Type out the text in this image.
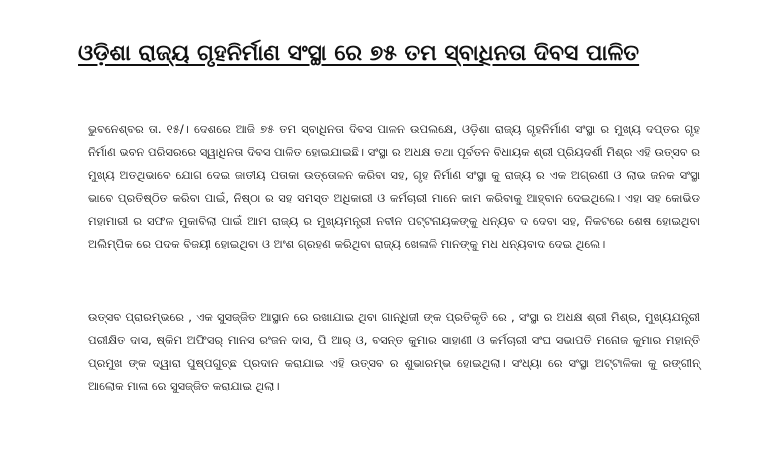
ଓଡ଼ିଶା ରାଜ୍ୟ ଗୃହନିର୍ମାଣ ସଂସ୍ଥା ରେ ୭୫ ତମ ସ୍ବାଧିନତା ଦିବସ ପାଳିତ

ଭୁବନେଶ୍ବର ତା. ୧୫/। ଦେଶରେ ଆଜି ୭୫ ତମ ସ୍ବାଧିନତା ଦିବସ ପାଳନ ଉପଲକ୍ଷେ, ଓଡ଼ିଶା ରାଜ୍ୟ ଗୃହନିର୍ମାଣ ସଂସ୍ଥା ର ମୁଖ୍ୟ ଦପ୍ତର ଗୃହ ନିର୍ମାଣ ଭବନ ପରିସରରେ ସ୍ୱାଧିନତା ଦିବସ ପାଳିତ ହୋଇଯାଇଛି। ସଂସ୍ଥା ର ଅଧକ୍ଷ ତଥା ପୂର୍ବତନ ବିଧାୟକ ଶ୍ରୀ ପ୍ରିୟଦର୍ଶୀ ମିଶ୍ର ଏହି ଉତ୍ସବ ର ମୁଖ୍ୟ ଅତଥିଭାବେ ଯୋଗ ଦେଇ ଜାତୀୟ ପତାକା ଉତ୍ତୋଳନ କରିବା ସହ, ଗୃହ ନିର୍ମାଣ ସଂସ୍ଥା କୁ ରାଜ୍ୟ ର ଏକ ଅଗ୍ରଣୀ ଓ ଲାଭ ଜନକ ସଂସ୍ଥା ଭାବେ ପ୍ରତିଷ୍ଠିତ କରିବା ପାଇଁ, ନିଷ୍ଠା ର ସହ ସମସ୍ତ ଅଧିକାରୀ ଓ କର୍ମଚାରୀ ମାନେ କାମ କରିବାକୁ ଆହ୍ବାନ ଦେଇଥିଲେ। ଏହା ସହ କୋଭିଡ ମହାମାରୀ ର ସଫଳ ମୁକାବିଲା ପାଇଁ ଆମ ରାଜ୍ୟ ର ମୁଖ୍ୟମନ୍ତ୍ରୀ ନବୀନ ପଟ୍ଟନାୟକଙ୍କୁ ଧନ୍ୟବ ଦ ଦେବା ସହ, ନିକଟରେ ଶେଷ ହୋଇଥିବା ଅଲିମ୍ପିକ ରେ ପଦକ ବିଜୟୀ ହୋଇଥିବା ଓ ଅଂଶ ଗ୍ରହଣ କରିଥିବା ରାଜ୍ୟ ଖେଳାଳି ମାନଙ୍କୁ ମଧ ଧନ୍ୟବାଦ ଦେଇ ଥିଲେ।

ଉତ୍ସବ ପ୍ରାରମ୍ଭରେ , ଏକ ସୁସଜ୍ଜିତ ଆସ୍ଥାନ ରେ ରଖାଯାଇ ଥିବା ଗାନ୍ଧିଜୀ ଙ୍କ ପ୍ରତିକୃତି ରେ , ସଂସ୍ଥା ର ଅଧକ୍ଷ ଶ୍ରୀ ମିଶ୍ର, ମୁଖ୍ୟଯନ୍ତ୍ରୀ ପରୀକ୍ଷିତ ଦାସ, ଷ୍କିମ ଅଫିସର୍ ମାନସ ରଂଜନ ଦାସ, ପି ଆର୍ ଓ, ବସନ୍ତ କୁମାର ସାହାଣୀ ଓ କର୍ମଚାରୀ ସଂଘ ସଭାପତି ମନୋଜ କୁମାର ମହାନ୍ତି ପ୍ରମୁଖ ଙ୍କ ଦ୍ୱାରା ପୁଷ୍ପଗୁଚ୍ଛ ପ୍ରଦାନ କରାଯାଇ ଏହି ଉତ୍ସବ ର ଶୁଭାରମ୍ଭ ହୋଇଥିଲା। ସଂଧ୍ୟା ରେ ସଂସ୍ଥା ଅଟ୍ଟାଳିକା କୁ ରଙ୍ଗୀନ୍ ଆଲୋକ ମାଳା ରେ ସୁସଜ୍ଜିତ କରାଯାଇ ଥିଲା।
